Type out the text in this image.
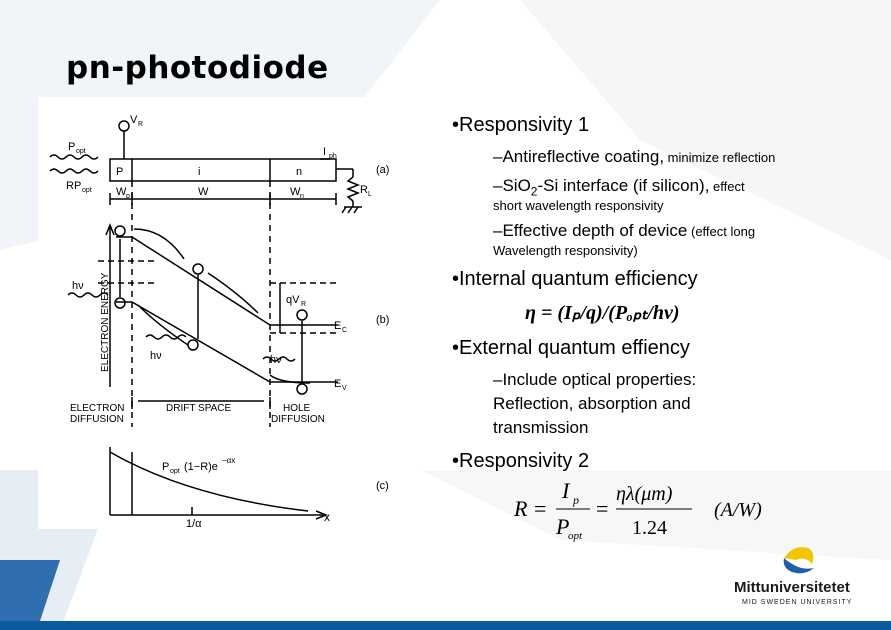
pn-photodiode
V R
P opt
RP opt
P	i	n
I ph
(a)
W p	W	W n
R L
ELECTRON ENERGY
hν
qV R
E C
(b)
hν	hν
E V
ELECTRON
DIFFUSION
DRIFT SPACE	HOLE
DIFFUSION
P opt (1−R)e
−αx
(c)
1/α	x
•Responsivity 1
–Antireflective coating, minimize reflection
–SiO$_2$-Si interface (if silicon), effect
short wavelength responsivity
–Effective depth of device (effect long
Wavelength responsivity)
•Internal quantum efficiency
η = (Iₚ/q)/(Pₒₚₜ/hν)
•External quantum effiency
–Include optical properties:
Reflection, absorption and
transmission
•Responsivity 2
R =
I p
P
opt
=
ηλ(μm)
1.24
(A/W)
Mittuniversitetet
MID SWEDEN UNIVERSITY
